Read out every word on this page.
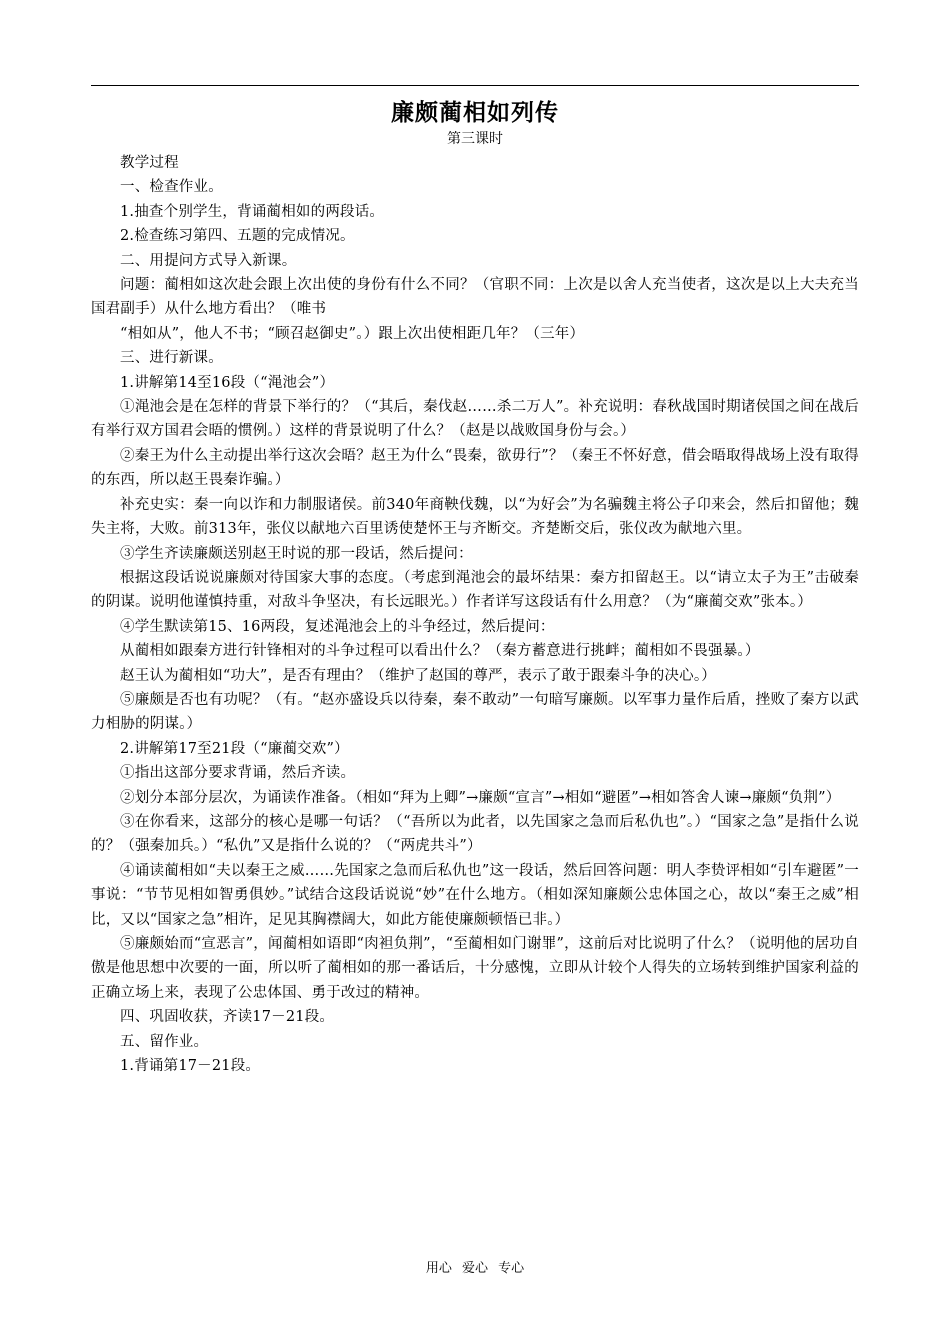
廉颇蔺相如列传
第三课时

教学过程

一、检查作业。

1.抽查个别学生，背诵蔺相如的两段话。

2.检查练习第四、五题的完成情况。

二、用提问方式导入新课。

问题：蔺相如这次赴会跟上次出使的身份有什么不同？（官职不同：上次是以舍人充当使者，这次是以上大夫充当国君副手）从什么地方看出？（唯书

“相如从”，他人不书；“顾召赵御史”。）跟上次出使相距几年？（三年）

三、进行新课。

1.讲解第14至16段（“渑池会”）

①渑池会是在怎样的背景下举行的？（“其后，秦伐赵……杀二万人”。补充说明：春秋战国时期诸侯国之间在战后有举行双方国君会晤的惯例。）这样的背景说明了什么？（赵是以战败国身份与会。）

②秦王为什么主动提出举行这次会晤？赵王为什么“畏秦，欲毋行”？（秦王不怀好意，借会晤取得战场上没有取得的东西，所以赵王畏秦诈骗。）

补充史实：秦一向以诈和力制服诸侯。前340年商鞅伐魏，以“为好会”为名骗魏主将公子卬来会，然后扣留他；魏失主将，大败。前313年，张仪以献地六百里诱使楚怀王与齐断交。齐楚断交后，张仪改为献地六里。

③学生齐读廉颇送别赵王时说的那一段话，然后提问：

根据这段话说说廉颇对待国家大事的态度。（考虑到渑池会的最坏结果：秦方扣留赵王。以“请立太子为王”击破秦的阴谋。说明他谨慎持重，对敌斗争坚决，有长远眼光。）作者详写这段话有什么用意？（为“廉蔺交欢”张本。）

④学生默读第15、16两段，复述渑池会上的斗争经过，然后提问：

从蔺相如跟秦方进行针锋相对的斗争过程可以看出什么？（秦方蓄意进行挑衅；蔺相如不畏强暴。）

赵王认为蔺相如“功大”，是否有理由？（维护了赵国的尊严，表示了敢于跟秦斗争的决心。）

⑤廉颇是否也有功呢？（有。“赵亦盛设兵以待秦，秦不敢动”一句暗写廉颇。以军事力量作后盾，挫败了秦方以武力相胁的阴谋。）

2.讲解第17至21段（“廉蔺交欢”）

①指出这部分要求背诵，然后齐读。

②划分本部分层次，为诵读作准备。（相如“拜为上卿”→廉颇“宣言”→相如“避匿”→相如答舍人谏→廉颇“负荆”）

③在你看来，这部分的核心是哪一句话？（“吾所以为此者，以先国家之急而后私仇也”。）“国家之急”是指什么说的？（强秦加兵。）“私仇”又是指什么说的？（“两虎共斗”）

④诵读蔺相如“夫以秦王之威……先国家之急而后私仇也”这一段话，然后回答问题：明人李贽评相如“引车避匿”一事说：“节节见相如智勇俱妙。”试结合这段话说说“妙”在什么地方。（相如深知廉颇公忠体国之心，故以“秦王之威”相比，又以“国家之急”相许，足见其胸襟阔大，如此方能使廉颇顿悟已非。）

⑤廉颇始而“宣恶言”，闻蔺相如语即“肉袒负荆”，“至蔺相如门谢罪”，这前后对比说明了什么？（说明他的居功自傲是他思想中次要的一面，所以听了蔺相如的那一番话后，十分感愧，立即从计较个人得失的立场转到维护国家利益的正确立场上来，表现了公忠体国、勇于改过的精神。

四、巩固收获，齐读17－21段。

五、留作业。

1.背诵第17－21段。

用心 爱心 专心
